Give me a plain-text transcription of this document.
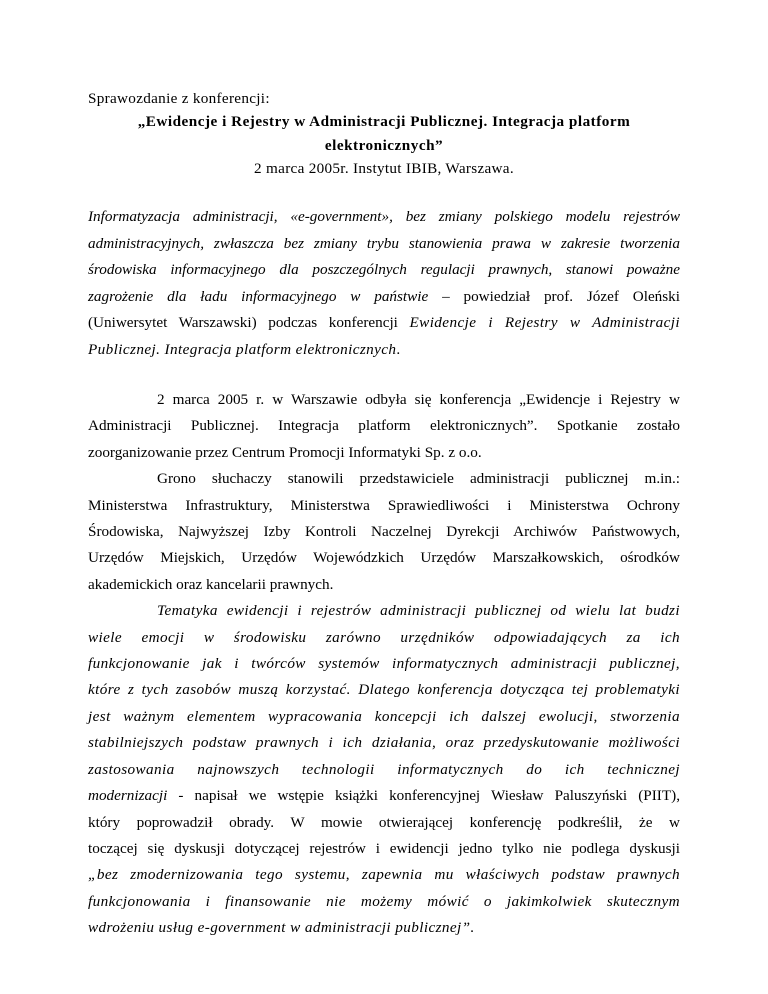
Sprawozdanie z konferencji:
„Ewidencje i Rejestry w Administracji Publicznej. Integracja platform
elektronicznych”
2 marca 2005r. Instytut IBIB, Warszawa.
Informatyzacja administracji, «e-government», bez zmiany polskiego modelu rejestrów
administracyjnych, zwłaszcza bez zmiany trybu stanowienia prawa w zakresie tworzenia
środowiska informacyjnego dla poszczególnych regulacji prawnych, stanowi poważne
zagrożenie dla ładu informacyjnego w państwie – powiedział prof. Józef Oleński
(Uniwersytet Warszawski) podczas konferencji Ewidencje i Rejestry w Administracji
Publicznej. Integracja platform elektronicznych.
2 marca 2005 r. w Warszawie odbyła się konferencja „Ewidencje i Rejestry w
Administracji Publicznej. Integracja platform elektronicznych”. Spotkanie zostało
zoorganizowanie przez Centrum Promocji Informatyki Sp. z o.o.
Grono słuchaczy stanowili przedstawiciele administracji publicznej m.in.:
Ministerstwa Infrastruktury, Ministerstwa Sprawiedliwości i Ministerstwa Ochrony
Środowiska, Najwyższej Izby Kontroli Naczelnej Dyrekcji Archiwów Państwowych,
Urzędów Miejskich, Urzędów Wojewódzkich Urzędów Marszałkowskich, ośrodków
akademickich oraz kancelarii prawnych.
Tematyka ewidencji i rejestrów administracji publicznej od wielu lat budzi
wiele emocji w środowisku zarówno urzędników odpowiadających za ich
funkcjonowanie jak i twórców systemów informatycznych administracji publicznej,
które z tych zasobów muszą korzystać. Dlatego konferencja dotycząca tej problematyki
jest ważnym elementem wypracowania koncepcji ich dalszej ewolucji, stworzenia
stabilniejszych podstaw prawnych i ich działania, oraz przedyskutowanie możliwości
zastosowania najnowszych technologii informatycznych do ich technicznej
modernizacji - napisał we wstępie książki konferencyjnej Wiesław Paluszyński (PIIT),
który poprowadził obrady. W mowie otwierającej konferencję podkreślił, że w
toczącej się dyskusji dotyczącej rejestrów i ewidencji jedno tylko nie podlega dyskusji
„bez zmodernizowania tego systemu, zapewnia mu właściwych podstaw prawnych
funkcjonowania i finansowanie nie możemy mówić o jakimkolwiek skutecznym
wdrożeniu usług e-government w administracji publicznej”.
